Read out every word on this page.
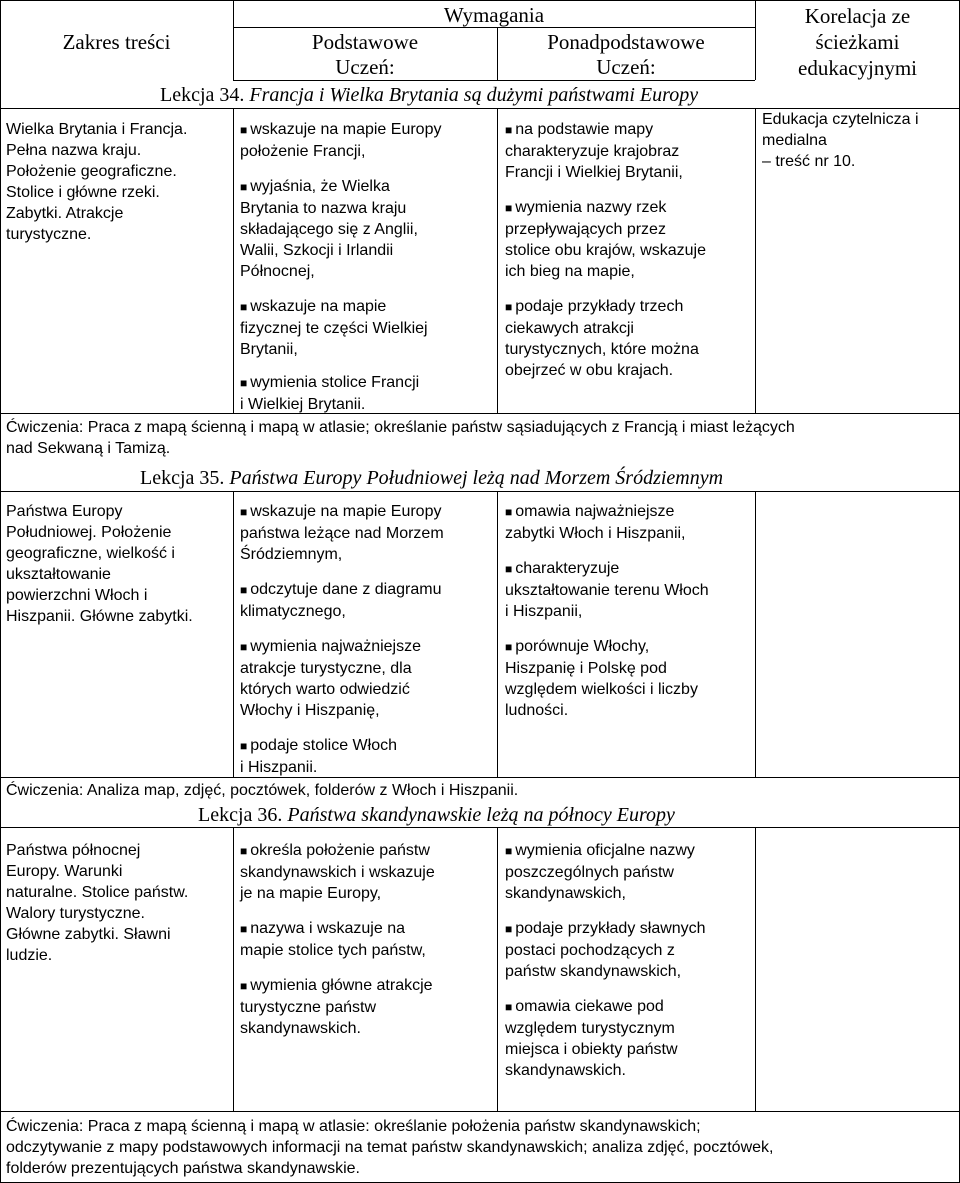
Zakres treści
Wymagania
Podstawowe
Uczeń:
Ponadpodstawowe
Uczeń:
Korelacja ze
ścieżkami
edukacyjnymi
Lekcja 34. Francja i Wielka Brytania są dużymi państwami Europy
Wielka Brytania i Francja.
Pełna nazwa kraju.
Położenie geograficzne.
Stolice i główne rzeki.
Zabytki. Atrakcje
turystyczne.
■ wskazuje na mapie Europy
położenie Francji,
■ wyjaśnia, że Wielka
Brytania to nazwa kraju
składającego się z Anglii,
Walii, Szkocji i Irlandii
Północnej,
■ wskazuje na mapie
fizycznej te części Wielkiej
Brytanii,
■ wymienia stolice Francji
i Wielkiej Brytanii.
■ na podstawie mapy
charakteryzuje krajobraz
Francji i Wielkiej Brytanii,
■ wymienia nazwy rzek
przepływających przez
stolice obu krajów, wskazuje
ich bieg na mapie,
■ podaje przykłady trzech
ciekawych atrakcji
turystycznych, które można
obejrzeć w obu krajach.
Edukacja czytelnicza i
medialna
– treść nr 10.
Ćwiczenia: Praca z mapą ścienną i mapą w atlasie; określanie państw sąsiadujących z Francją i miast leżących
nad Sekwaną i Tamizą.
Lekcja 35. Państwa Europy Południowej leżą nad Morzem Śródziemnym
Państwa Europy
Południowej. Położenie
geograficzne, wielkość i
ukształtowanie
powierzchni Włoch i
Hiszpanii. Główne zabytki.
■ wskazuje na mapie Europy
państwa leżące nad Morzem
Śródziemnym,
■ odczytuje dane z diagramu
klimatycznego,
■ wymienia najważniejsze
atrakcje turystyczne, dla
których warto odwiedzić
Włochy i Hiszpanię,
■ podaje stolice Włoch
i Hiszpanii.
■ omawia najważniejsze
zabytki Włoch i Hiszpanii,
■ charakteryzuje
ukształtowanie terenu Włoch
i Hiszpanii,
■ porównuje Włochy,
Hiszpanię i Polskę pod
względem wielkości i liczby
ludności.
Ćwiczenia: Analiza map, zdjęć, pocztówek, folderów z Włoch i Hiszpanii.
Lekcja 36. Państwa skandynawskie leżą na północy Europy
Państwa północnej
Europy. Warunki
naturalne. Stolice państw.
Walory turystyczne.
Główne zabytki. Sławni
ludzie.
■ określa położenie państw
skandynawskich i wskazuje
je na mapie Europy,
■ nazywa i wskazuje na
mapie stolice tych państw,
■ wymienia główne atrakcje
turystyczne państw
skandynawskich.
■ wymienia oficjalne nazwy
poszczególnych państw
skandynawskich,
■ podaje przykłady sławnych
postaci pochodzących z
państw skandynawskich,
■ omawia ciekawe pod
względem turystycznym
miejsca i obiekty państw
skandynawskich.
Ćwiczenia: Praca z mapą ścienną i mapą w atlasie: określanie położenia państw skandynawskich;
odczytywanie z mapy podstawowych informacji na temat państw skandynawskich; analiza zdjęć, pocztówek,
folderów prezentujących państwa skandynawskie.
